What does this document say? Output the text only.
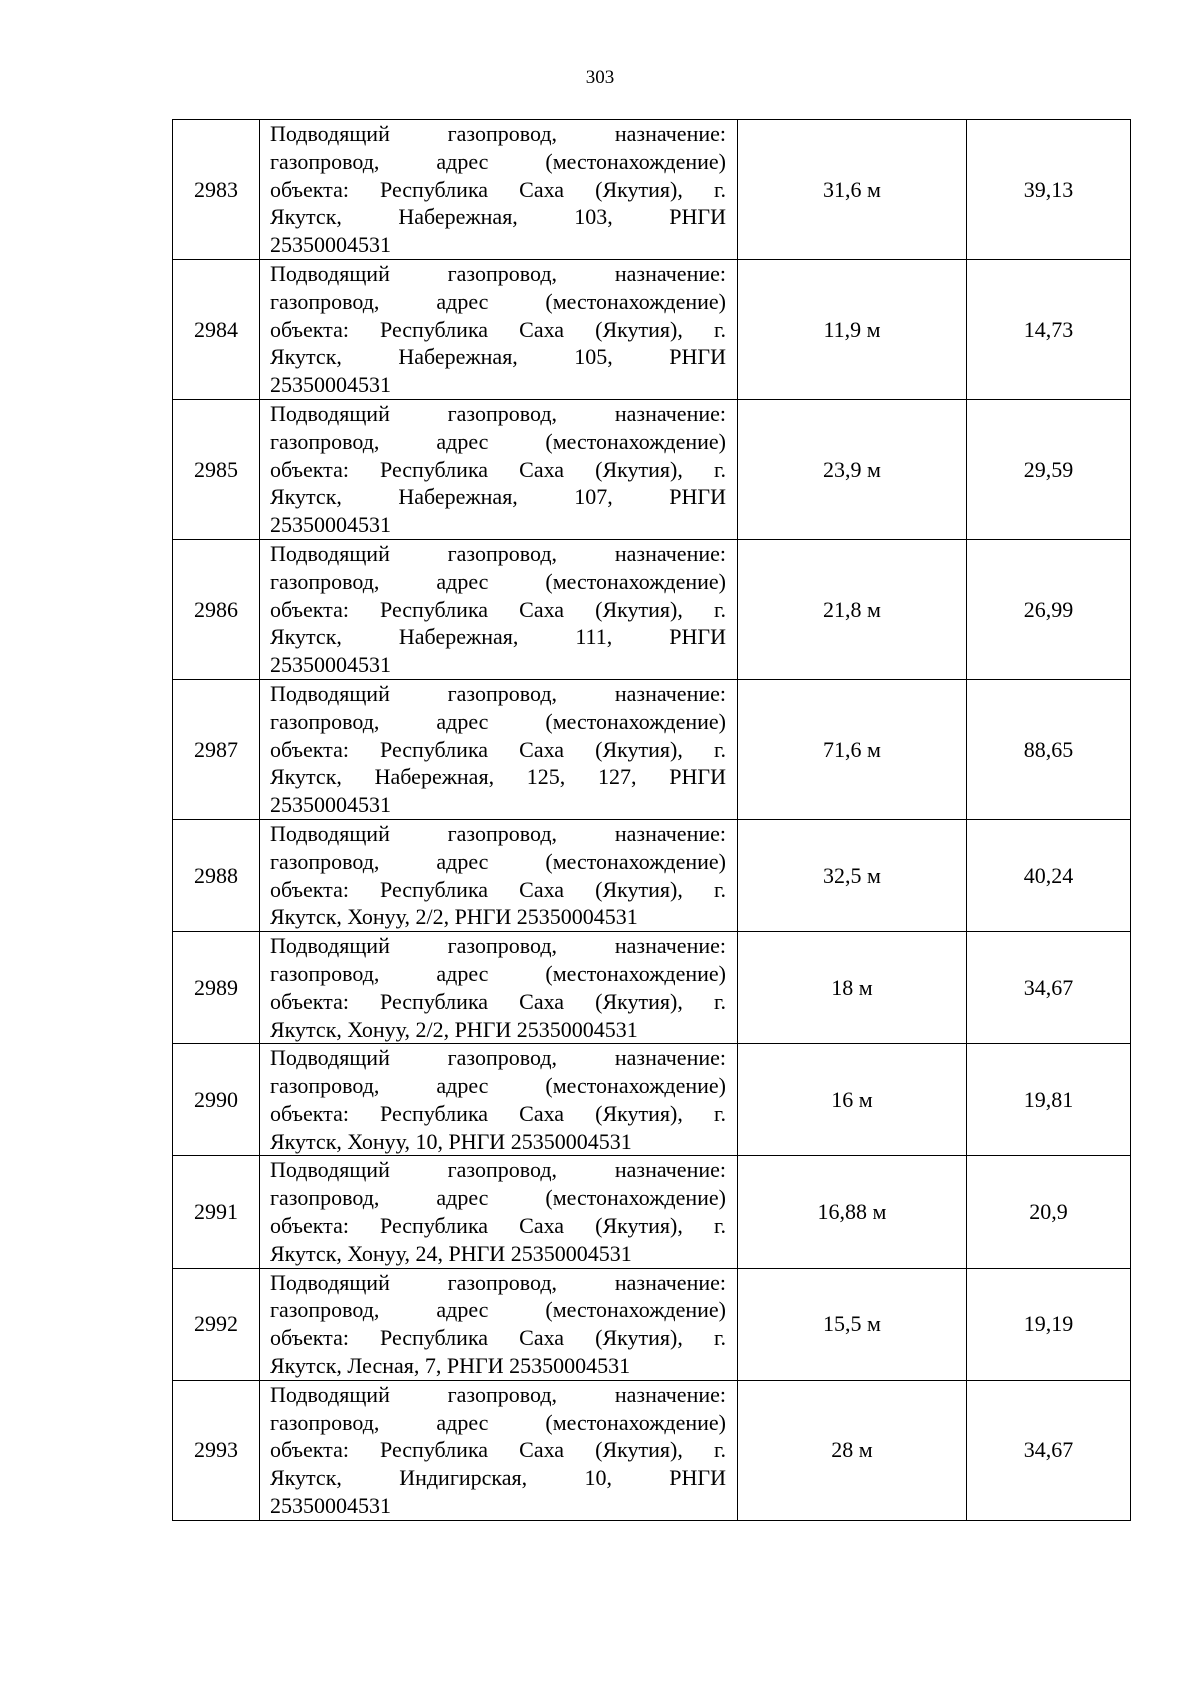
303
2983	Подводящий газопровод, назначение:
газопровод, адрес (местонахождение)
объекта: Республика Саха (Якутия), г.
Якутск, Набережная, 103, РНГИ
25350004531	31,6 м	39,13
2984	Подводящий газопровод, назначение:
газопровод, адрес (местонахождение)
объекта: Республика Саха (Якутия), г.
Якутск, Набережная, 105, РНГИ
25350004531	11,9 м	14,73
2985	Подводящий газопровод, назначение:
газопровод, адрес (местонахождение)
объекта: Республика Саха (Якутия), г.
Якутск, Набережная, 107, РНГИ
25350004531	23,9 м	29,59
2986	Подводящий газопровод, назначение:
газопровод, адрес (местонахождение)
объекта: Республика Саха (Якутия), г.
Якутск, Набережная, 111, РНГИ
25350004531	21,8 м	26,99
2987	Подводящий газопровод, назначение:
газопровод, адрес (местонахождение)
объекта: Республика Саха (Якутия), г.
Якутск, Набережная, 125, 127, РНГИ
25350004531	71,6 м	88,65
2988	Подводящий газопровод, назначение:
газопровод, адрес (местонахождение)
объекта: Республика Саха (Якутия), г.
Якутск, Хонуу, 2/2, РНГИ 25350004531	32,5 м	40,24
2989	Подводящий газопровод, назначение:
газопровод, адрес (местонахождение)
объекта: Республика Саха (Якутия), г.
Якутск, Хонуу, 2/2, РНГИ 25350004531	18 м	34,67
2990	Подводящий газопровод, назначение:
газопровод, адрес (местонахождение)
объекта: Республика Саха (Якутия), г.
Якутск, Хонуу, 10, РНГИ 25350004531	16 м	19,81
2991	Подводящий газопровод, назначение:
газопровод, адрес (местонахождение)
объекта: Республика Саха (Якутия), г.
Якутск, Хонуу, 24, РНГИ 25350004531	16,88 м	20,9
2992	Подводящий газопровод, назначение:
газопровод, адрес (местонахождение)
объекта: Республика Саха (Якутия), г.
Якутск, Лесная, 7, РНГИ 25350004531	15,5 м	19,19
2993	Подводящий газопровод, назначение:
газопровод, адрес (местонахождение)
объекта: Республика Саха (Якутия), г.
Якутск, Индигирская, 10, РНГИ
25350004531	28 м	34,67
